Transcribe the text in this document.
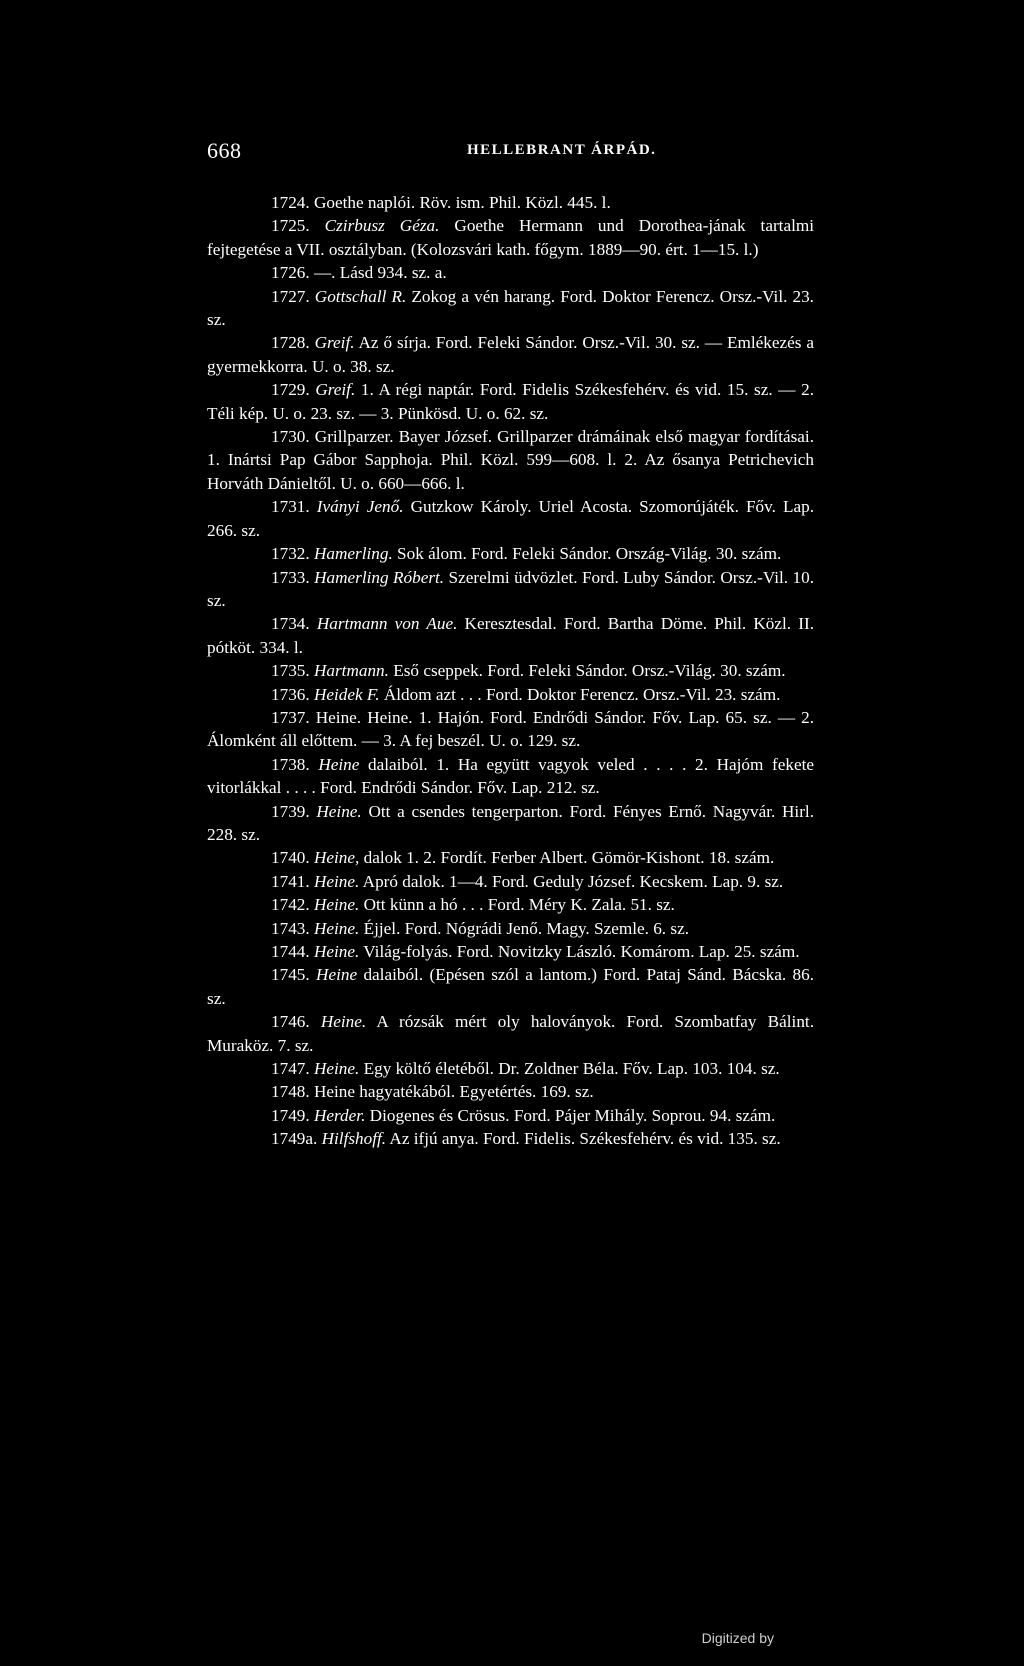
668	HELLEBRANT ÁRPÁD.

1724. Goethe naplói. Röv. ism. Phil. Közl. 445. l.

1725. Czirbusz Géza. Goethe Hermann und Dorothea-jának tartalmi fejtegetése a VII. osztályban. (Kolozsvári kath. főgym. 1889—90. ért. 1—15. l.)

1726. —. Lásd 934. sz. a.

1727. Gottschall R. Zokog a vén harang. Ford. Doktor Ferencz. Orsz.-Vil. 23. sz.

1728. Greif. Az ő sírja. Ford. Feleki Sándor. Orsz.-Vil. 30. sz. — Emlékezés a gyermekkorra. U. o. 38. sz.

1729. Greif. 1. A régi naptár. Ford. Fidelis Székesfehérv. és vid. 15. sz. — 2. Téli kép. U. o. 23. sz. — 3. Pünkösd. U. o. 62. sz.

1730. Grillparzer. Bayer József. Grillparzer drámáinak első magyar fordításai. 1. Inártsi Pap Gábor Sapphoja. Phil. Közl. 599—608. l. 2. Az ősanya Petrichevich Horváth Dánieltől. U. o. 660—666. l.

1731. Iványi Jenő. Gutzkow Károly. Uriel Acosta. Szomorújáték. Főv. Lap. 266. sz.

1732. Hamerling. Sok álom. Ford. Feleki Sándor. Ország-Világ. 30. szám.

1733. Hamerling Róbert. Szerelmi üdvözlet. Ford. Luby Sándor. Orsz.-Vil. 10. sz.

1734. Hartmann von Aue. Keresztesdal. Ford. Bartha Döme. Phil. Közl. II. pótköt. 334. l.

1735. Hartmann. Eső cseppek. Ford. Feleki Sándor. Orsz.-Világ. 30. szám.

1736. Heidek F. Áldom azt . . . Ford. Doktor Ferencz. Orsz.-Vil. 23. szám.

1737. Heine. Heine. 1. Hajón. Ford. Endrődi Sándor. Főv. Lap. 65. sz. — 2. Álomként áll előttem. — 3. A fej beszél. U. o. 129. sz.

1738. Heine dalaiból. 1. Ha együtt vagyok veled . . . . 2. Hajóm fekete vitorlákkal . . . . Ford. Endrődi Sándor. Főv. Lap. 212. sz.

1739. Heine. Ott a csendes tengerparton. Ford. Fényes Ernő. Nagyvár. Hirl. 228. sz.

1740. Heine, dalok 1. 2. Fordít. Ferber Albert. Gömör-Kishont. 18. szám.

1741. Heine. Apró dalok. 1—4. Ford. Geduly József. Kecskem. Lap. 9. sz.

1742. Heine. Ott künn a hó . . . Ford. Méry K. Zala. 51. sz.

1743. Heine. Éjjel. Ford. Nógrádi Jenő. Magy. Szemle. 6. sz.

1744. Heine. Világ-folyás. Ford. Novitzky László. Komárom. Lap. 25. szám.

1745. Heine dalaiból. (Epésen szól a lantom.) Ford. Pataj Sánd. Bácska. 86. sz.

1746. Heine. A rózsák mért oly haloványok. Ford. Szombatfay Bálint. Muraköz. 7. sz.

1747. Heine. Egy költő életéből. Dr. Zoldner Béla. Főv. Lap. 103. 104. sz.

1748. Heine hagyatékából. Egyetértés. 169. sz.

1749. Herder. Diogenes és Crösus. Ford. Pájer Mihály. Soprou. 94. szám.

1749a. Hilfshoff. Az ifjú anya. Ford. Fidelis. Székesfehérv. és vid. 135. sz.

Digitized by
